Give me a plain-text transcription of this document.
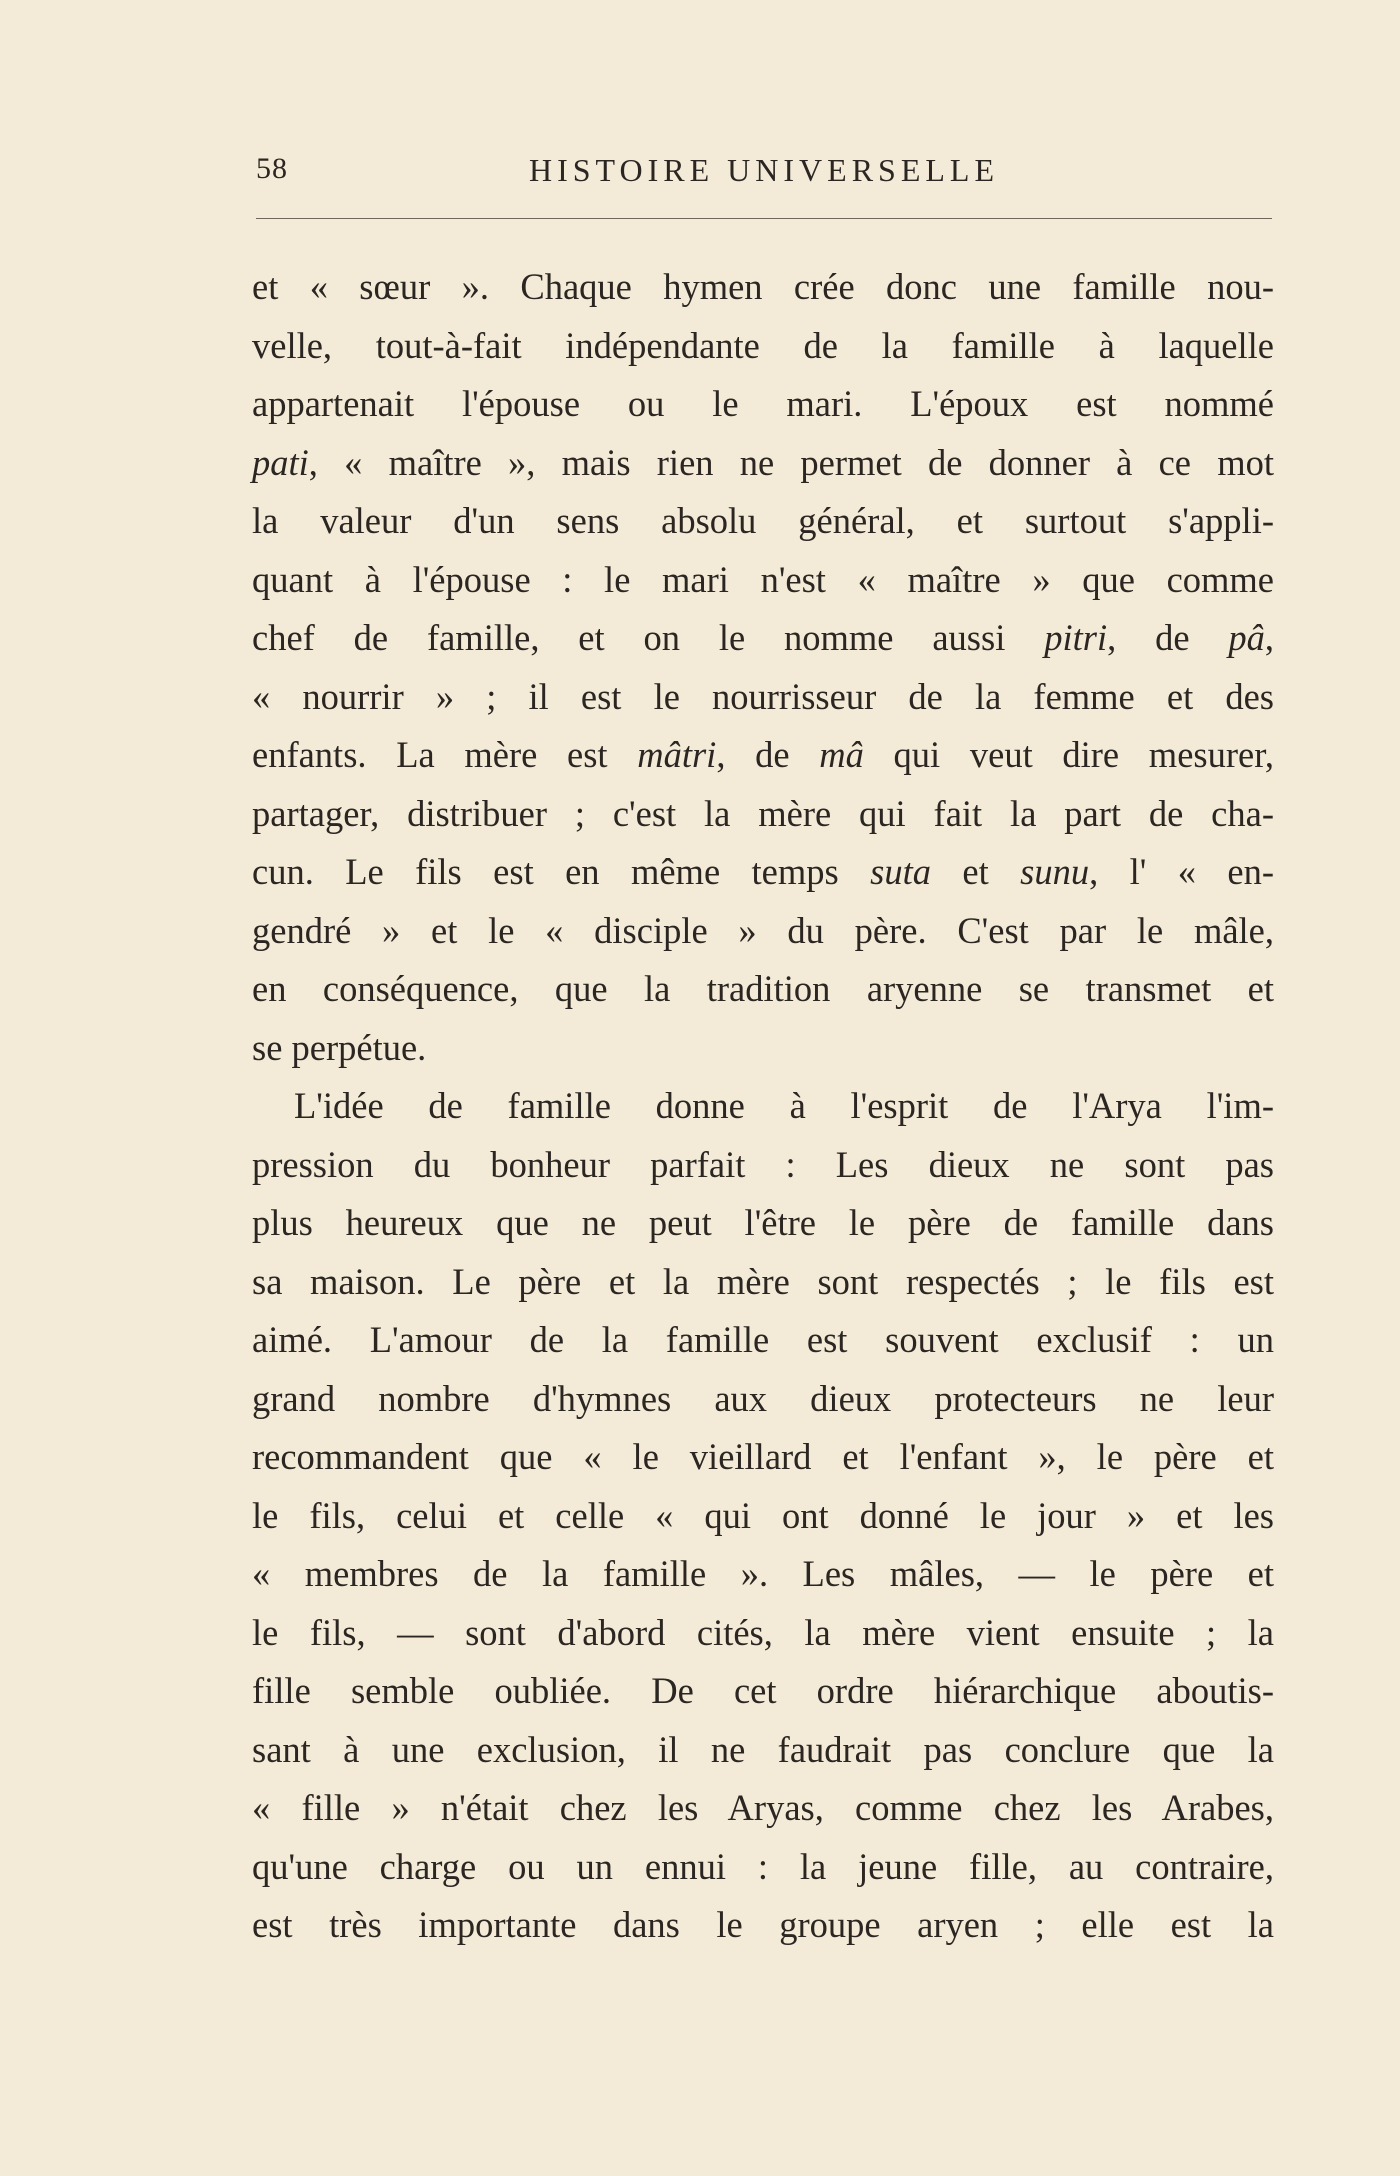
58	HISTOIRE UNIVERSELLE
et « sœur ». Chaque hymen crée donc une famille nou-
velle, tout-à-fait indépendante de la famille à laquelle
appartenait l'épouse ou le mari. L'époux est nommé
pati, « maître », mais rien ne permet de donner à ce mot
la valeur d'un sens absolu général, et surtout s'appli-
quant à l'épouse : le mari n'est « maître » que comme
chef de famille, et on le nomme aussi pitri, de pâ,
« nourrir » ; il est le nourrisseur de la femme et des
enfants. La mère est mâtri, de mâ qui veut dire mesurer,
partager, distribuer ; c'est la mère qui fait la part de cha-
cun. Le fils est en même temps suta et sunu, l' « en-
gendré » et le « disciple » du père. C'est par le mâle,
en conséquence, que la tradition aryenne se transmet et
se perpétue.
L'idée de famille donne à l'esprit de l'Arya l'im-
pression du bonheur parfait : Les dieux ne sont pas
plus heureux que ne peut l'être le père de famille dans
sa maison. Le père et la mère sont respectés ; le fils est
aimé. L'amour de la famille est souvent exclusif : un
grand nombre d'hymnes aux dieux protecteurs ne leur
recommandent que « le vieillard et l'enfant », le père et
le fils, celui et celle « qui ont donné le jour » et les
« membres de la famille ». Les mâles, — le père et
le fils, — sont d'abord cités, la mère vient ensuite ; la
fille semble oubliée. De cet ordre hiérarchique aboutis-
sant à une exclusion, il ne faudrait pas conclure que la
« fille » n'était chez les Aryas, comme chez les Arabes,
qu'une charge ou un ennui : la jeune fille, au contraire,
est très importante dans le groupe aryen ; elle est la
